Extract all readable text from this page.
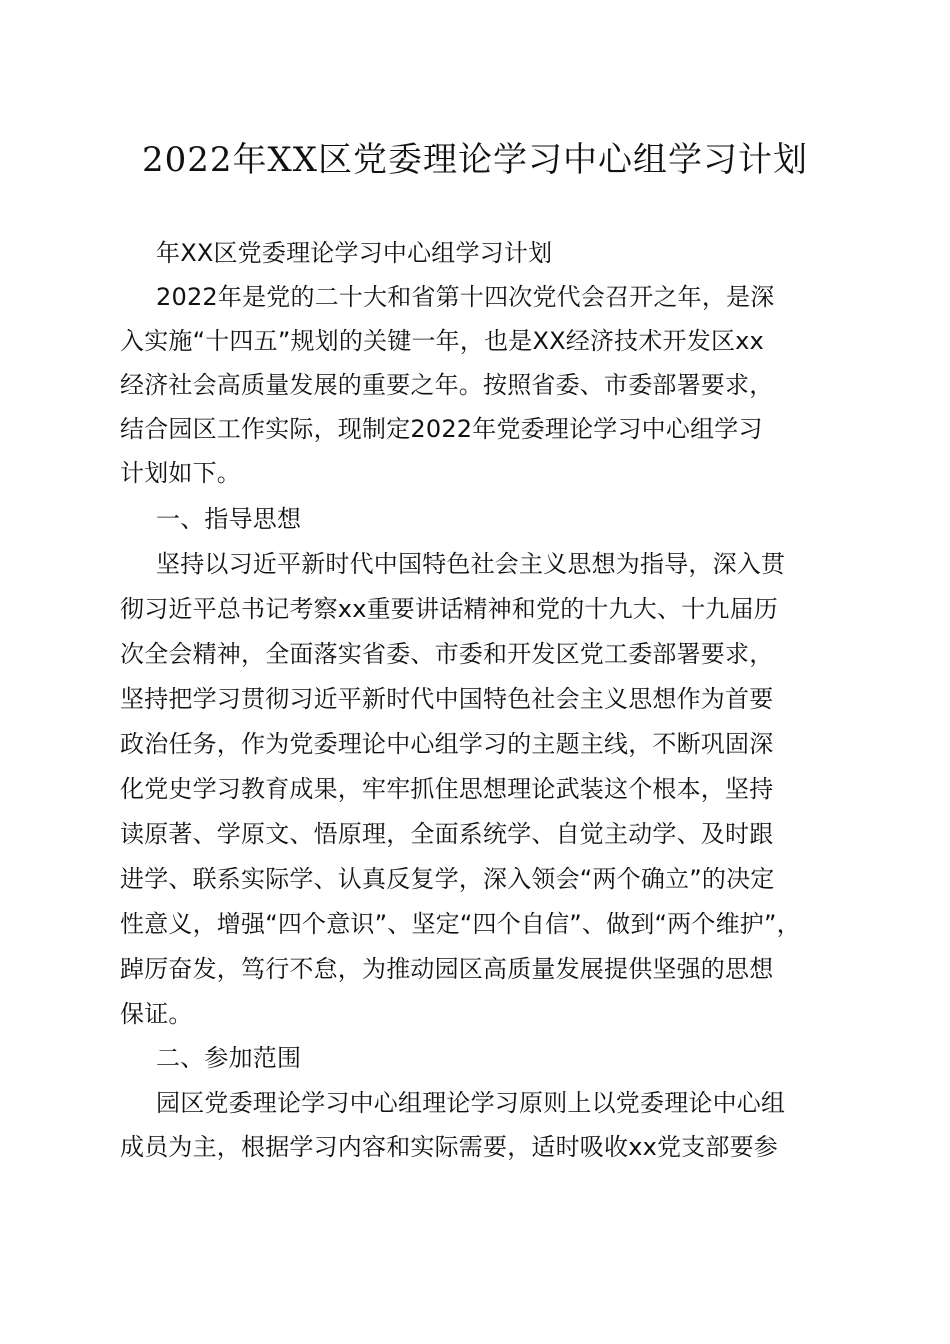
2022年XX区党委理论学习中心组学习计划
年XX区党委理论学习中心组学习计划
2022年是党的二十大和省第十四次党代会召开之年，是深
入实施“十四五”规划的关键一年，也是XX经济技术开发区xx
经济社会高质量发展的重要之年。按照省委、市委部署要求，
结合园区工作实际，现制定2022年党委理论学习中心组学习
计划如下。
一、指导思想
坚持以习近平新时代中国特色社会主义思想为指导，深入贯
彻习近平总书记考察xx重要讲话精神和党的十九大、十九届历
次全会精神，全面落实省委、市委和开发区党工委部署要求，
坚持把学习贯彻习近平新时代中国特色社会主义思想作为首要
政治任务，作为党委理论中心组学习的主题主线，不断巩固深
化党史学习教育成果，牢牢抓住思想理论武装这个根本，坚持
读原著、学原文、悟原理，全面系统学、自觉主动学、及时跟
进学、联系实际学、认真反复学，深入领会“两个确立”的决定
性意义，增强“四个意识”、坚定“四个自信”、做到“两个维护”，
踔厉奋发，笃行不怠，为推动园区高质量发展提供坚强的思想
保证。
二、参加范围
园区党委理论学习中心组理论学习原则上以党委理论中心组
成员为主，根据学习内容和实际需要，适时吸收xx党支部要参
